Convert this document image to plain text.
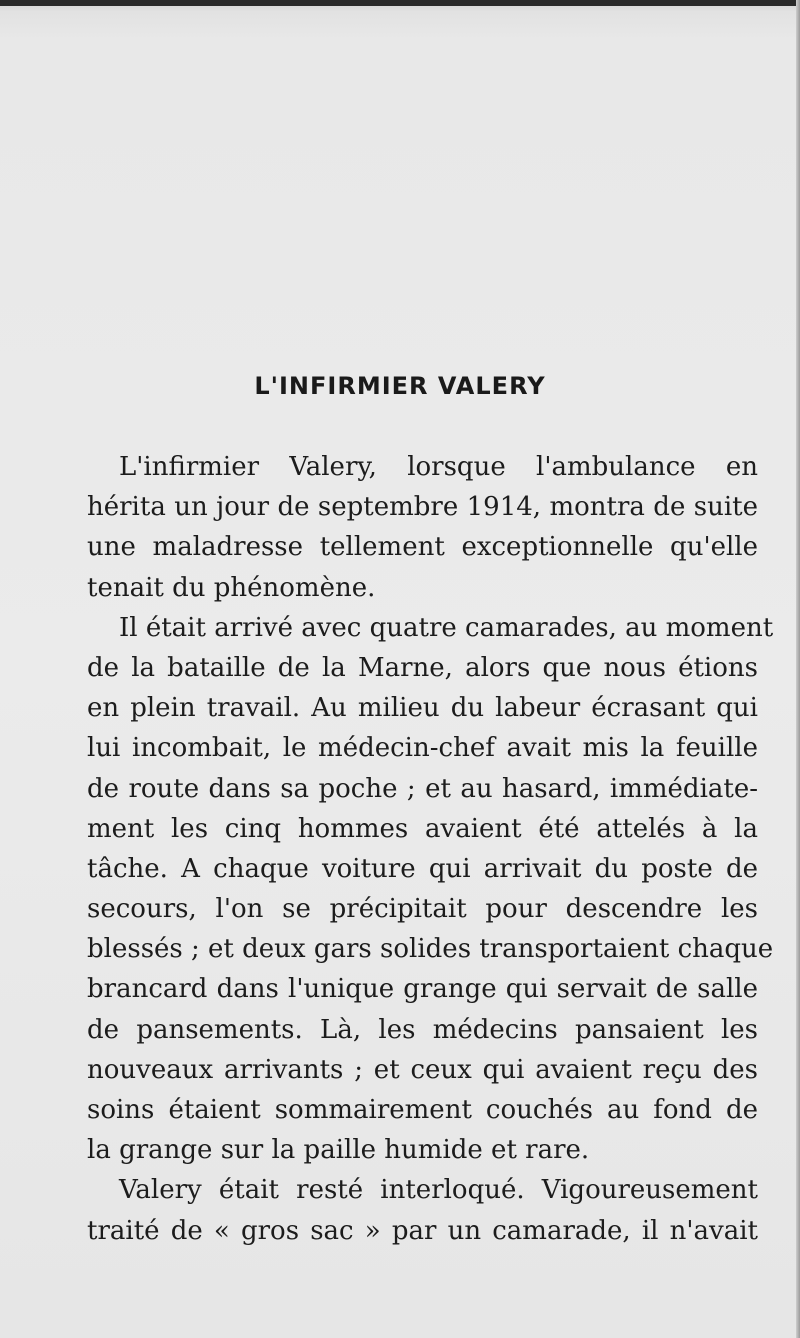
L'INFIRMIER VALERY
L'infirmier Valery, lorsque l'ambulance en
hérita un jour de septembre 1914, montra de suite
une maladresse tellement exceptionnelle qu'elle
tenait du phénomène.
Il était arrivé avec quatre camarades, au moment
de la bataille de la Marne, alors que nous étions
en plein travail. Au milieu du labeur écrasant qui
lui incombait, le médecin-chef avait mis la feuille
de route dans sa poche ; et au hasard, immédiate-
ment les cinq hommes avaient été attelés à la
tâche. A chaque voiture qui arrivait du poste de
secours, l'on se précipitait pour descendre les
blessés ; et deux gars solides transportaient chaque
brancard dans l'unique grange qui servait de salle
de pansements. Là, les médecins pansaient les
nouveaux arrivants ; et ceux qui avaient reçu des
soins étaient sommairement couchés au fond de
la grange sur la paille humide et rare.
Valery était resté interloqué. Vigoureusement
traité de « gros sac » par un camarade, il n'avait
